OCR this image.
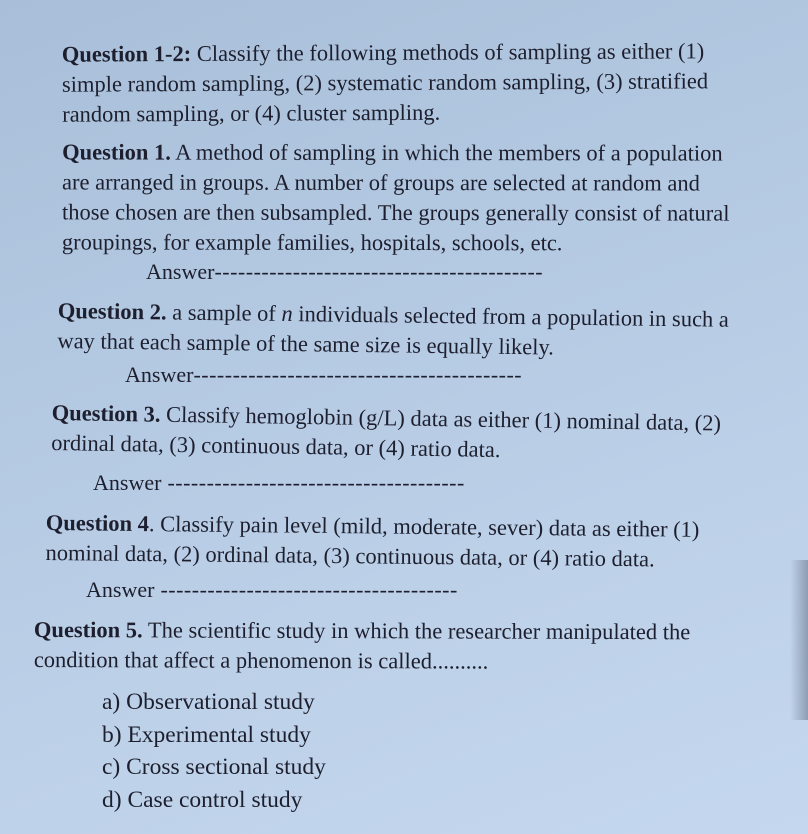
Question 1-2: Classify the following methods of sampling as either (1)
simple random sampling, (2) systematic random sampling, (3) stratified
random sampling, or (4) cluster sampling.
Question 1. A method of sampling in which the members of a population
are arranged in groups. A number of groups are selected at random and
those chosen are then subsampled. The groups generally consist of natural
groupings, for example families, hospitals, schools, etc.
Answer------------------------------------------
Question 2. a sample of n individuals selected from a population in such a
way that each sample of the same size is equally likely.
Answer------------------------------------------
Question 3. Classify hemoglobin (g/L) data as either (1) nominal data, (2)
ordinal data, (3) continuous data, or (4) ratio data.
Answer --------------------------------------
Question 4. Classify pain level (mild, moderate, sever) data as either (1)
nominal data, (2) ordinal data, (3) continuous data, or (4) ratio data.
Answer --------------------------------------
Question 5. The scientific study in which the researcher manipulated the
condition that affect a phenomenon is called..........
a) Observational study
b) Experimental study
c) Cross sectional study
d) Case control study
